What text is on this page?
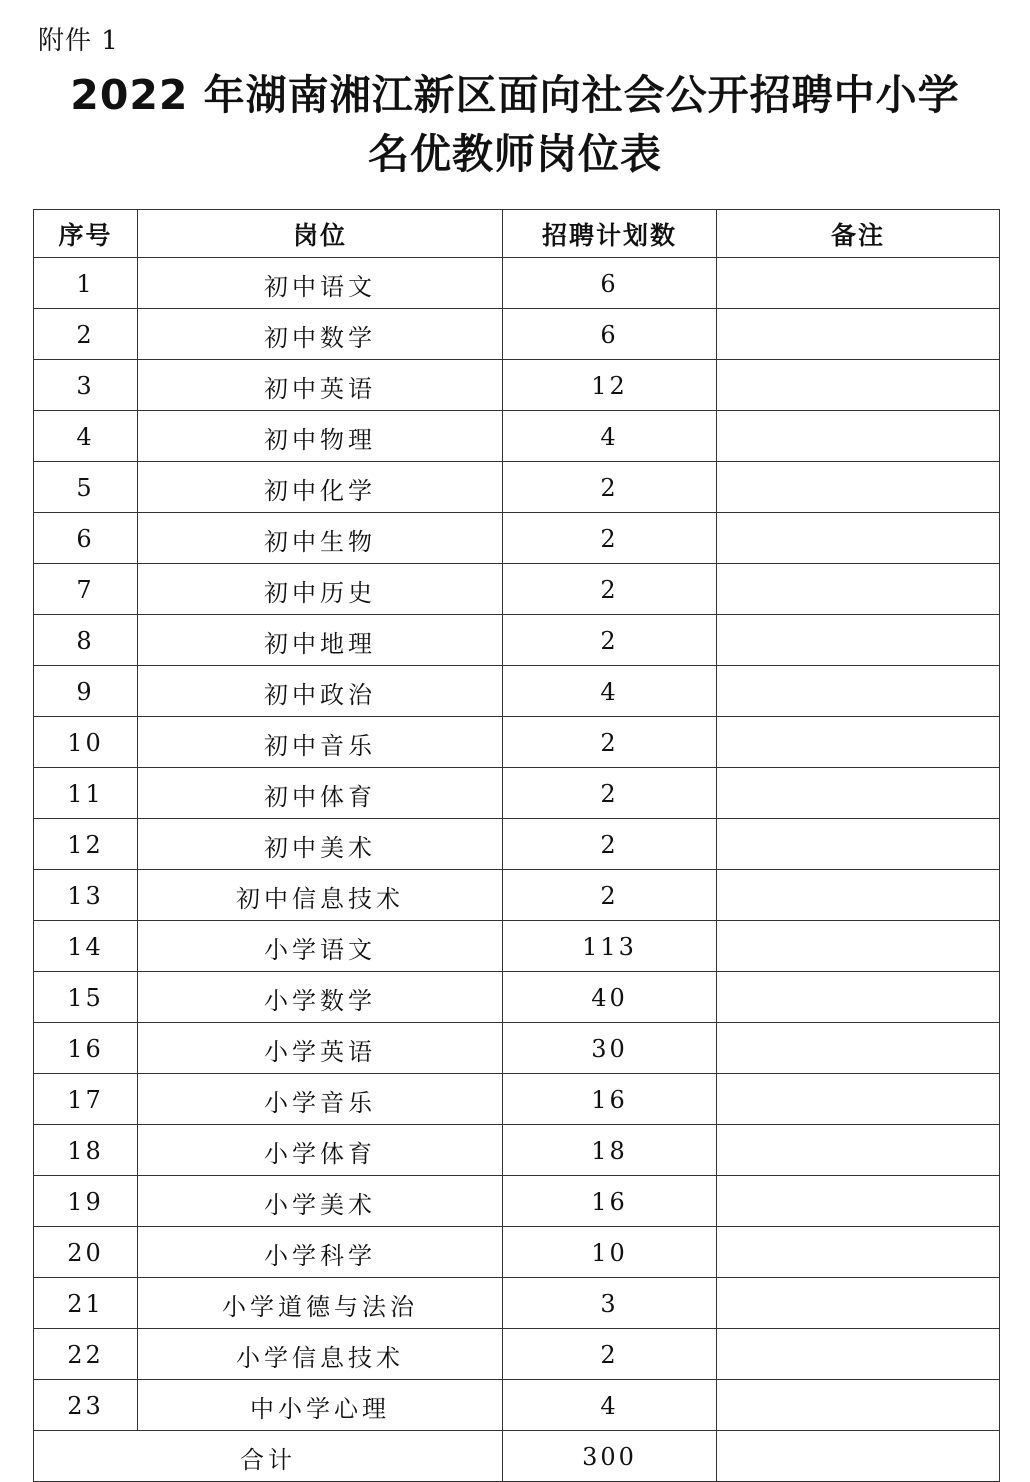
附件 1
2022 年湖南湘江新区面向社会公开招聘中小学
名优教师岗位表
序号	岗位	招聘计划数	备注
1	初中语文	6	
2	初中数学	6	
3	初中英语	12	
4	初中物理	4	
5	初中化学	2	
6	初中生物	2	
7	初中历史	2	
8	初中地理	2	
9	初中政治	4	
10	初中音乐	2	
11	初中体育	2	
12	初中美术	2	
13	初中信息技术	2	
14	小学语文	113	
15	小学数学	40	
16	小学英语	30	
17	小学音乐	16	
18	小学体育	18	
19	小学美术	16	
20	小学科学	10	
21	小学道德与法治	3	
22	小学信息技术	2	
23	中小学心理	4	
合计		300	
